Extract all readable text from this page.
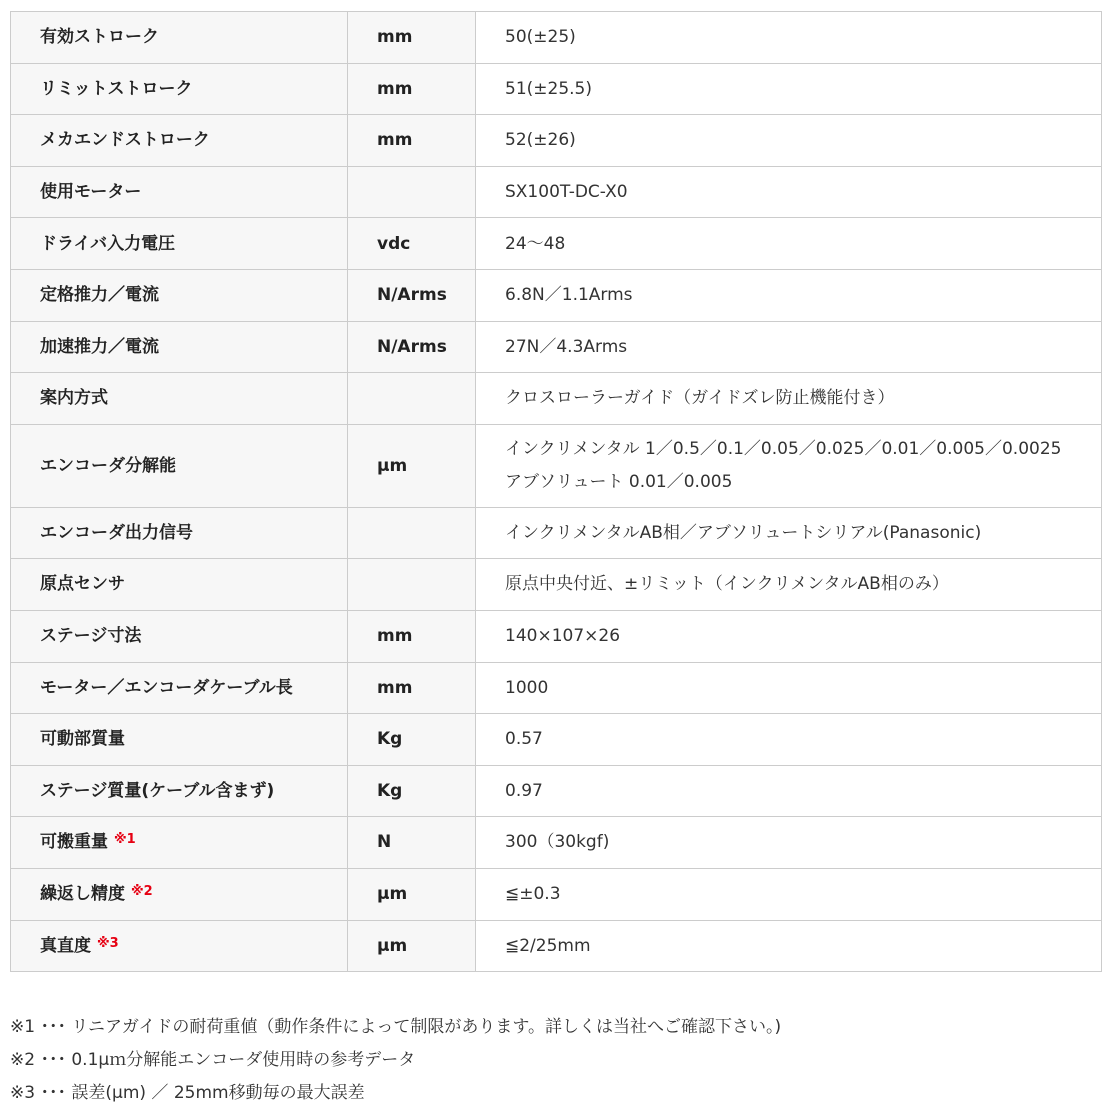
有効ストローク	mm	50(±25)

リミットストローク	mm	51(±25.5)

メカエンドストローク	mm	52(±26)

使用モーター		SX100T-DC-X0

ドライバ入力電圧	vdc	24～48

定格推力／電流	N/Arms	6.8N／1.1Arms

加速推力／電流	N/Arms	27N／4.3Arms

案内方式		クロスローラーガイド（ガイドズレ防止機能付き）

エンコーダ分解能	μm	インクリメンタル 1／0.5／0.1／0.05／0.025／0.01／0.005／0.0025
アブソリュート 0.01／0.005

エンコーダ出力信号		インクリメンタルAB相／アブソリュートシリアル(Panasonic)

原点センサ		原点中央付近、±リミット（インクリメンタルAB相のみ）

ステージ寸法	mm	140×107×26

モーター／エンコーダケーブル長	mm	1000

可動部質量	Kg	0.57

ステージ質量(ケーブル含まず)	Kg	0.97

可搬重量 $^{※1}$	N	300（30kgf)

繰返し精度 $^{※2}$	μm	≦±0.3

真直度 $^{※3}$	μm	≦2/25mm
※1 ･･･ リニアガイドの耐荷重値（動作条件によって制限があります。詳しくは当社へご確認下さい。)
※2 ･･･ 0.1μｍ分解能エンコーダ使用時の参考データ
※3 ･･･ 誤差(μm) ／ 25mm移動毎の最大誤差
